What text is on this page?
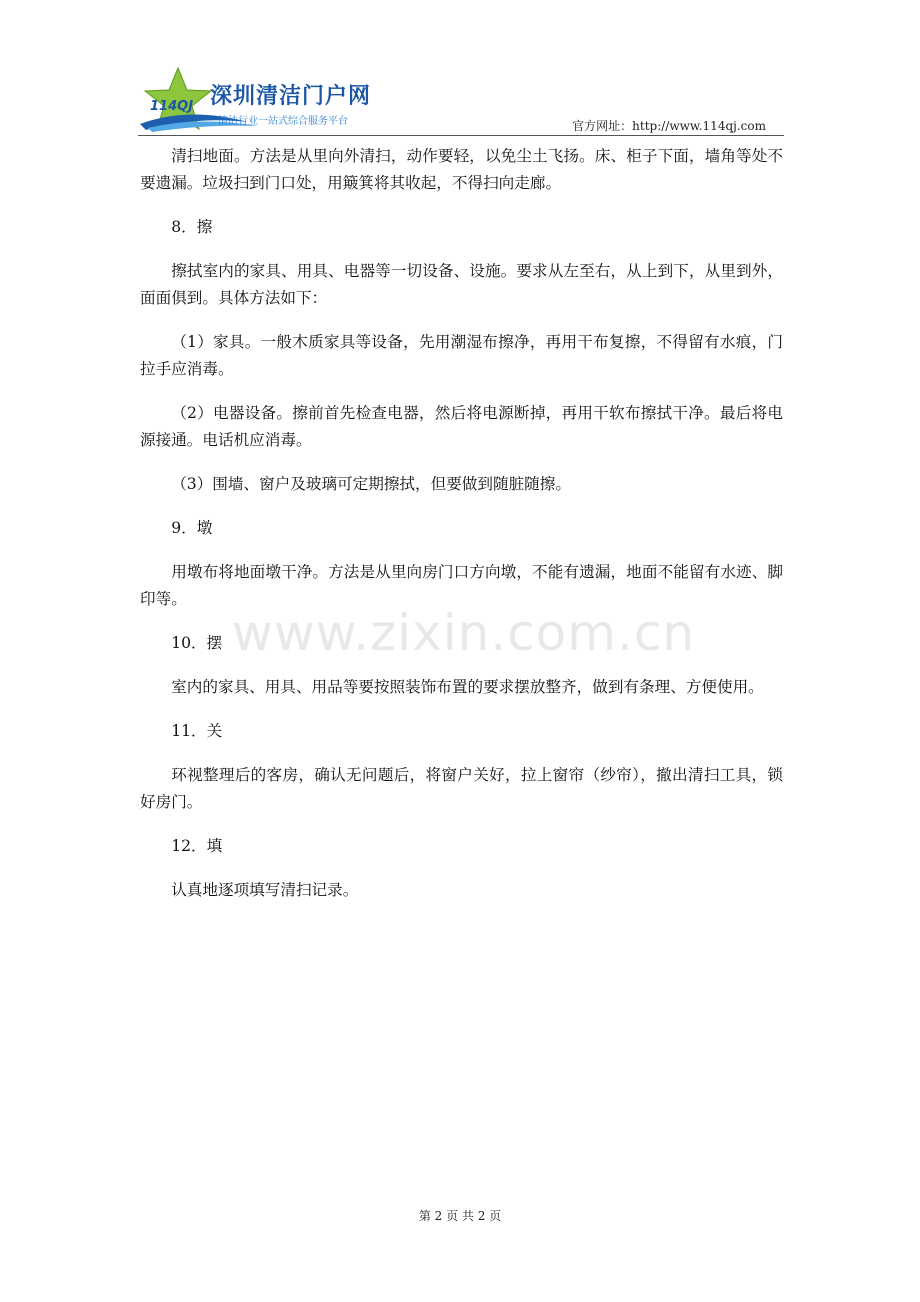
114QJ 深圳清洁门户网
清洁行业一站式综合服务平台	官方网址：http://www.114qj.com

清扫地面。方法是从里向外清扫，动作要轻，以免尘土飞扬。床、柜子下面，墙角等处不要遗漏。垃圾扫到门口处，用簸箕将其收起，不得扫向走廊。

8．擦

擦拭室内的家具、用具、电器等一切设备、设施。要求从左至右，从上到下，从里到外，面面俱到。具体方法如下：

（1）家具。一般木质家具等设备，先用潮湿布擦净，再用干布复擦，不得留有水痕，门拉手应消毒。

（2）电器设备。擦前首先检查电器，然后将电源断掉，再用干软布擦拭干净。最后将电源接通。电话机应消毒。

（3）围墙、窗户及玻璃可定期擦拭，但要做到随脏随擦。

9．墩

用墩布将地面墩干净。方法是从里向房门口方向墩，不能有遗漏，地面不能留有水迹、脚印等。

10．摆

室内的家具、用具、用品等要按照装饰布置的要求摆放整齐，做到有条理、方便使用。

11．关

环视整理后的客房，确认无问题后，将窗户关好，拉上窗帘（纱帘），撤出清扫工具，锁好房门。

12．填

认真地逐项填写清扫记录。

www.zixin.com.cn
第 2 页 共 2 页
